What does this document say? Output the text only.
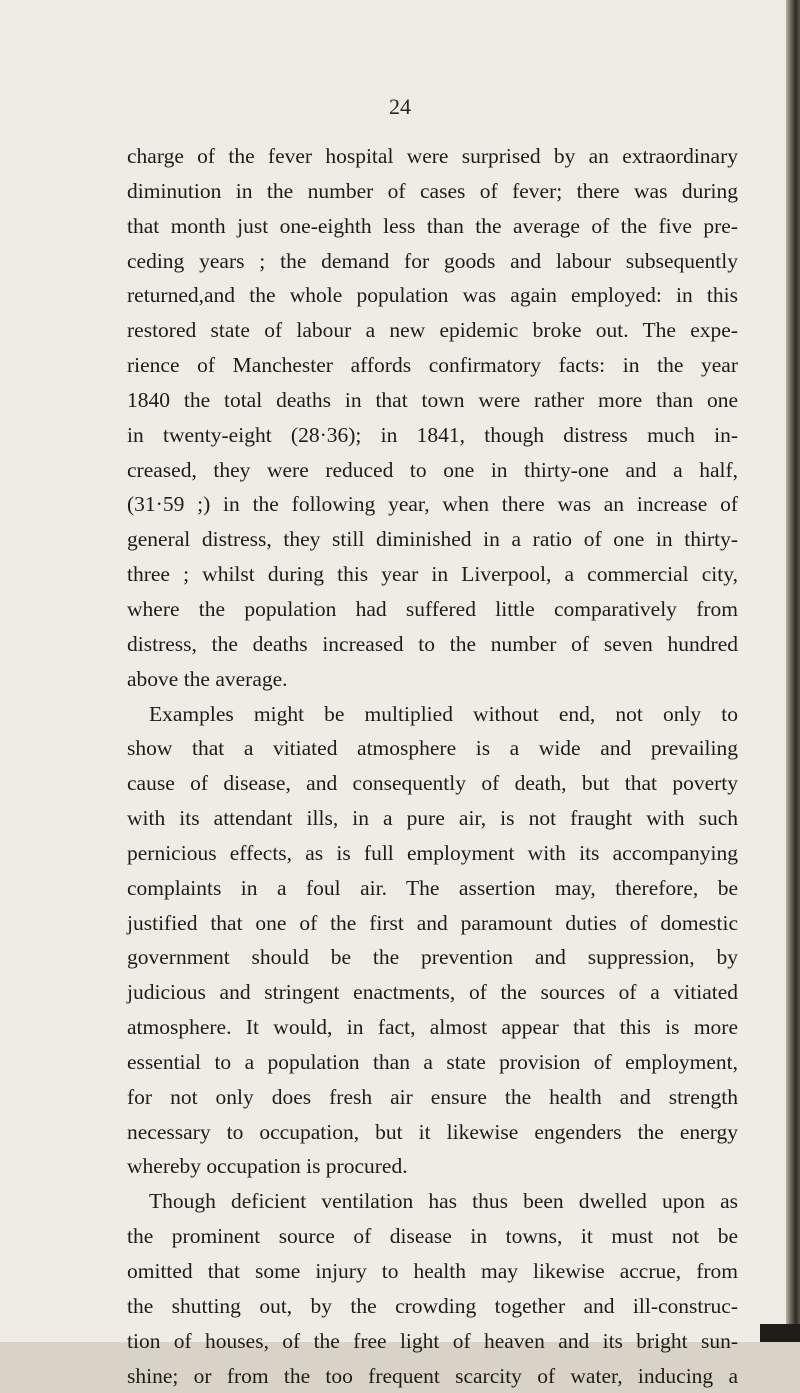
24

charge of the fever hospital were surprised by an extraordinary
diminution in the number of cases of fever; there was during
that month just one-eighth less than the average of the five pre-
ceding years ; the demand for goods and labour subsequently
returned,and the whole population was again employed: in this
restored state of labour a new epidemic broke out. The expe-
rience of Manchester affords confirmatory facts: in the year
1840 the total deaths in that town were rather more than one
in twenty-eight (28·36); in 1841, though distress much in-
creased, they were reduced to one in thirty-one and a half,
(31·59 ;) in the following year, when there was an increase of
general distress, they still diminished in a ratio of one in thirty-
three ; whilst during this year in Liverpool, a commercial city,
where the population had suffered little comparatively from
distress, the deaths increased to the number of seven hundred
above the average.
Examples might be multiplied without end, not only to
show that a vitiated atmosphere is a wide and prevailing
cause of disease, and consequently of death, but that poverty
with its attendant ills, in a pure air, is not fraught with such
pernicious effects, as is full employment with its accompanying
complaints in a foul air. The assertion may, therefore, be
justified that one of the first and paramount duties of domestic
government should be the prevention and suppression, by
judicious and stringent enactments, of the sources of a vitiated
atmosphere. It would, in fact, almost appear that this is more
essential to a population than a state provision of employment,
for not only does fresh air ensure the health and strength
necessary to occupation, but it likewise engenders the energy
whereby occupation is procured.
Though deficient ventilation has thus been dwelled upon as
the prominent source of disease in towns, it must not be
omitted that some injury to health may likewise accrue, from
the shutting out, by the crowding together and ill-construc-
tion of houses, of the free light of heaven and its bright sun-
shine; or from the too frequent scarcity of water, inducing a
